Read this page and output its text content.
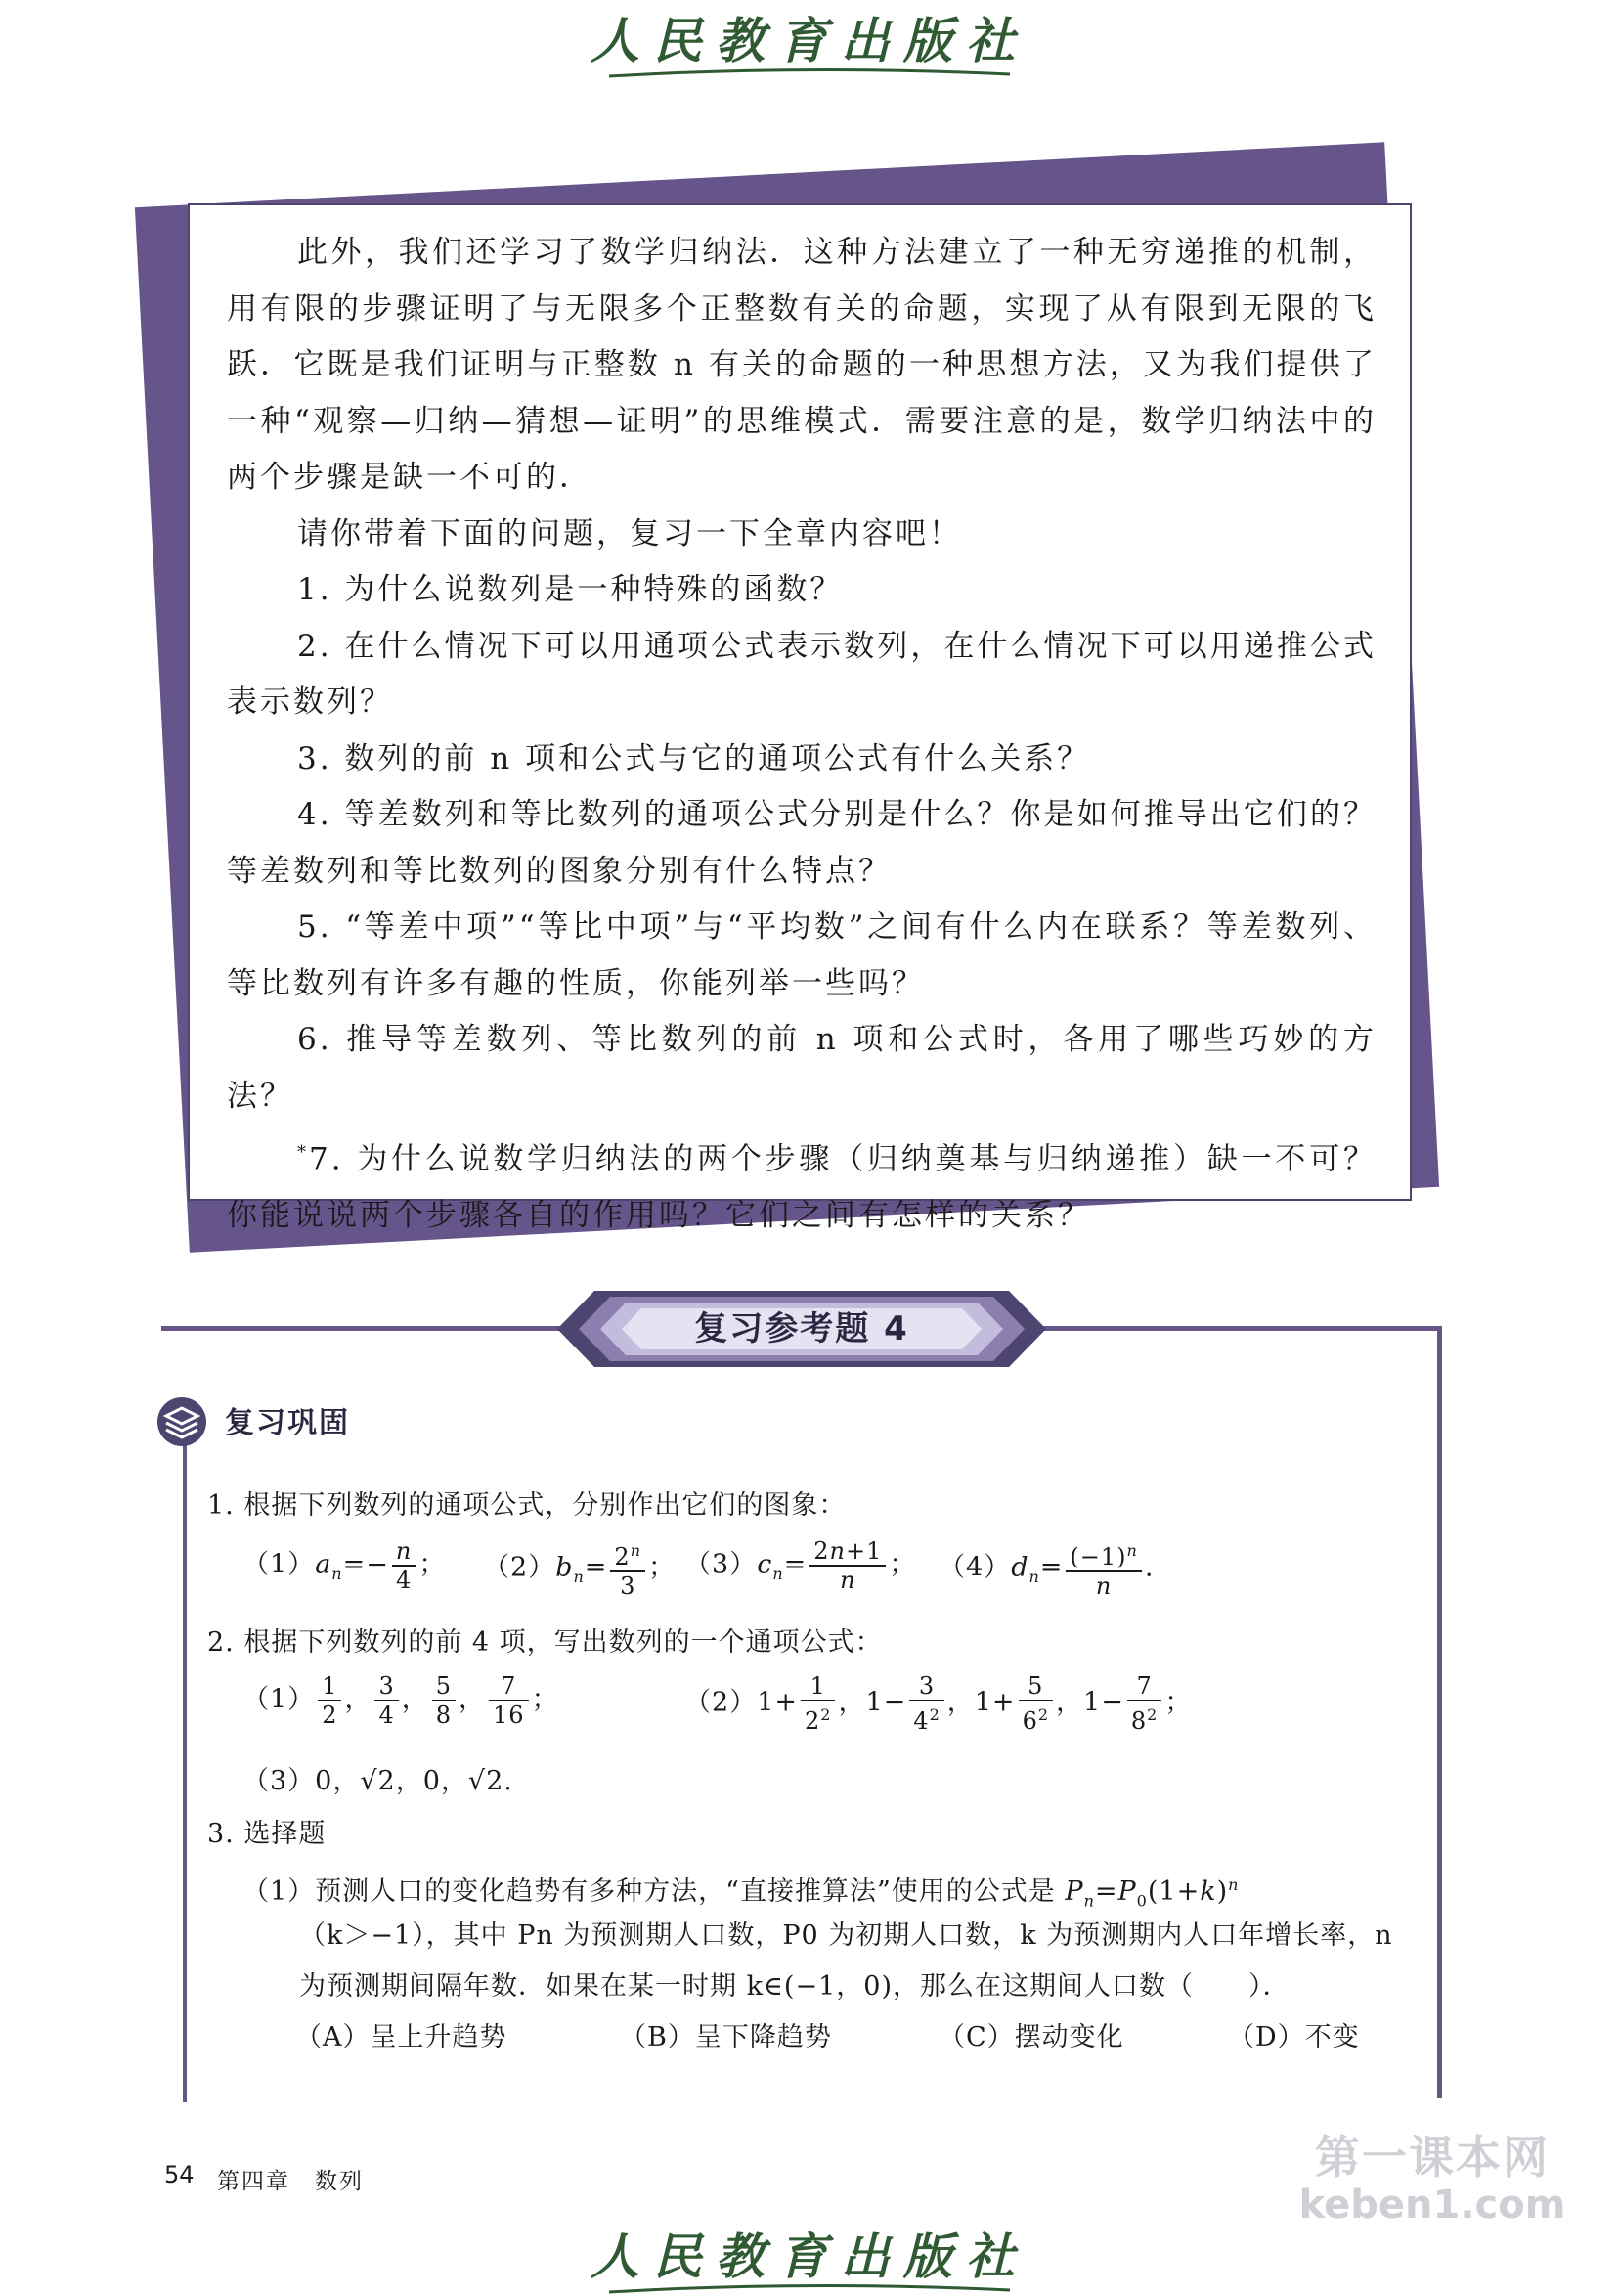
人民教育出版社

此外，我们还学习了数学归纳法．这种方法建立了一种无穷递推的机制，用有限的步骤证明了与无限多个正整数有关的命题，实现了从有限到无限的飞跃．它既是我们证明与正整数 n 有关的命题的一种思想方法，又为我们提供了一种“观察—归纳—猜想—证明”的思维模式．需要注意的是，数学归纳法中的两个步骤是缺一不可的．

请你带着下面的问题，复习一下全章内容吧！

1. 为什么说数列是一种特殊的函数？

2. 在什么情况下可以用通项公式表示数列，在什么情况下可以用递推公式表示数列？

3. 数列的前 n 项和公式与它的通项公式有什么关系？

4. 等差数列和等比数列的通项公式分别是什么？你是如何推导出它们的？等差数列和等比数列的图象分别有什么特点？

5. “等差中项”“等比中项”与“平均数”之间有什么内在联系？等差数列、等比数列有许多有趣的性质，你能列举一些吗？

6. 推导等差数列、等比数列的前 n 项和公式时，各用了哪些巧妙的方法？

*7. 为什么说数学归纳法的两个步骤（归纳奠基与归纳递推）缺一不可？你能说说两个步骤各自的作用吗？它们之间有怎样的关系？

复习参考题 4
复习巩固
1. 根据下列数列的通项公式，分别作出它们的图象：
$(1)a_n=- \frac{n}{4}$ ； $(2)b_n= \frac{2^n}{3}$ ； $(3)c_n= \frac{2n+1}{n}$ ； $(4)d_n= \frac{(-1)^n}{n}$ .
2. 根据下列数列的前 4 项，写出数列的一个通项公式：
$(1) \frac{1}{2}$ ， $\frac{3}{4}$ ， $\frac{5}{8}$ ， $\frac{7}{16}$ ；	$(2)1+ \frac{1}{2^2}$ ，$1- \frac{3}{4^2}$ ，$1+ \frac{5}{6^2}$ ，$1- \frac{7}{8^2}$ ；
（3）0，√2，0，√2.
3. 选择题
（1）预测人口的变化趋势有多种方法，“直接推算法”使用的公式是 $P_n=P_0(1+k)^n$
（k＞−1），其中 Pn 为预测期人口数，P0 为初期人口数，k 为预测期内人口年增长率，n
为预测期间隔年数．如果在某一时期 k∈(−1，0)，那么在这期间人口数（　　）．
（A）呈上升趋势	（B）呈下降趋势	（C）摆动变化	（D）不变
54 第四章　数列	第一课本网
keben1.com
人民教育出版社
